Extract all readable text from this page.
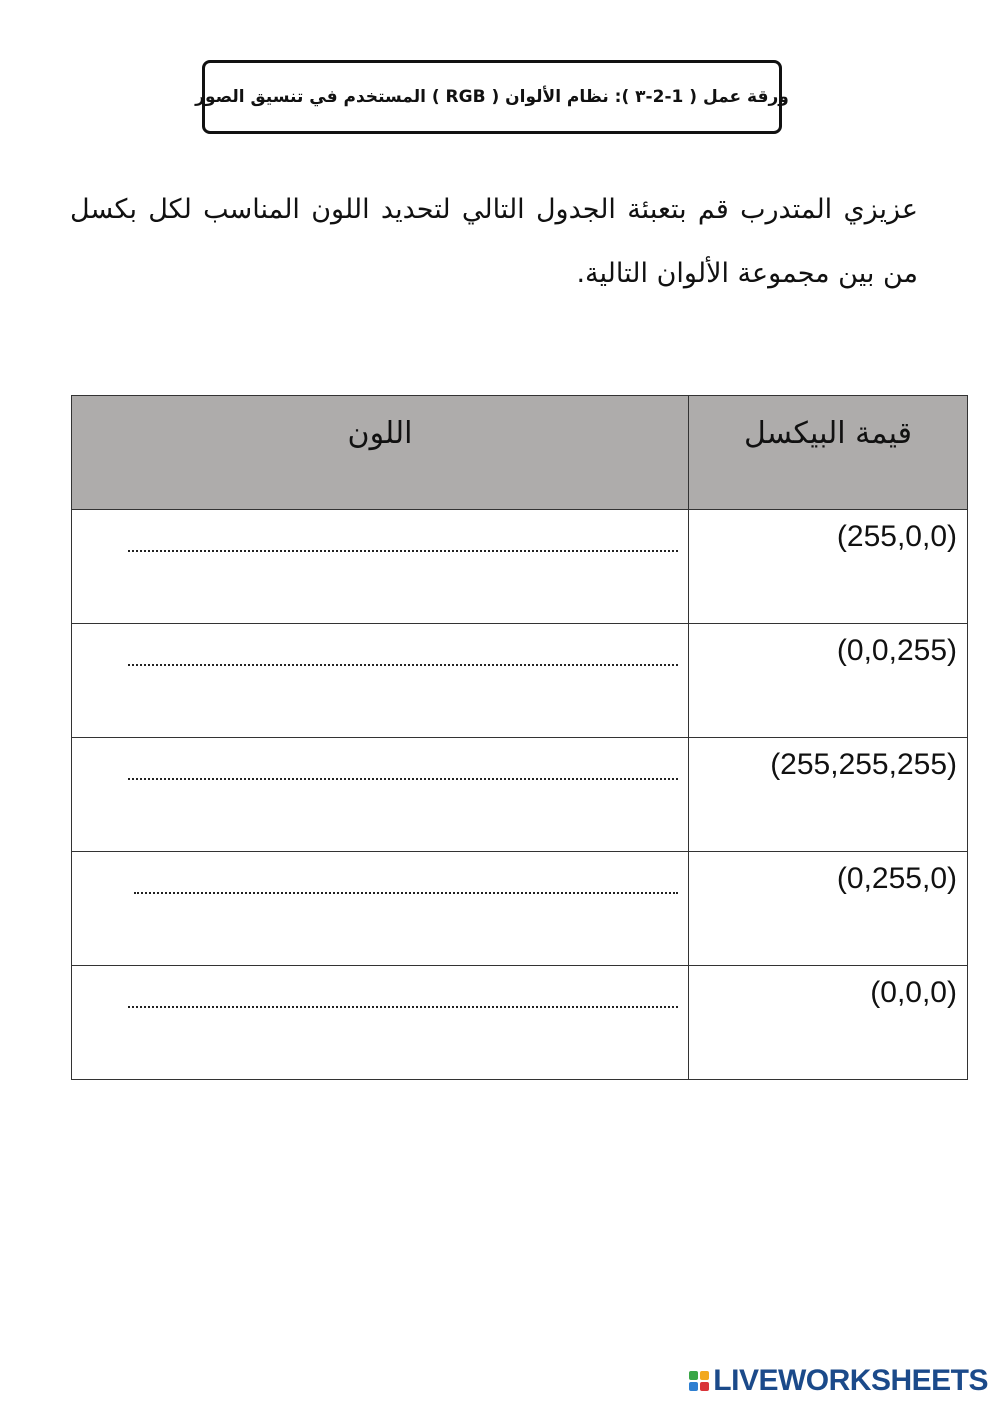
ورقة عمل ( 1-2-٣ ): نظام الألوان ( RGB ) المستخدم في تنسيق الصور
عزيزي المتدرب قم بتعبئة الجدول التالي لتحديد اللون المناسب لكل بكسل من بين مجموعة الألوان التالية.
قيمة البيكسل	اللون
(255,0,0)	

(0,0,255)	

(255,255,255)	

(0,255,0)	

(0,0,0)	
LIVEWORKSHEETS
